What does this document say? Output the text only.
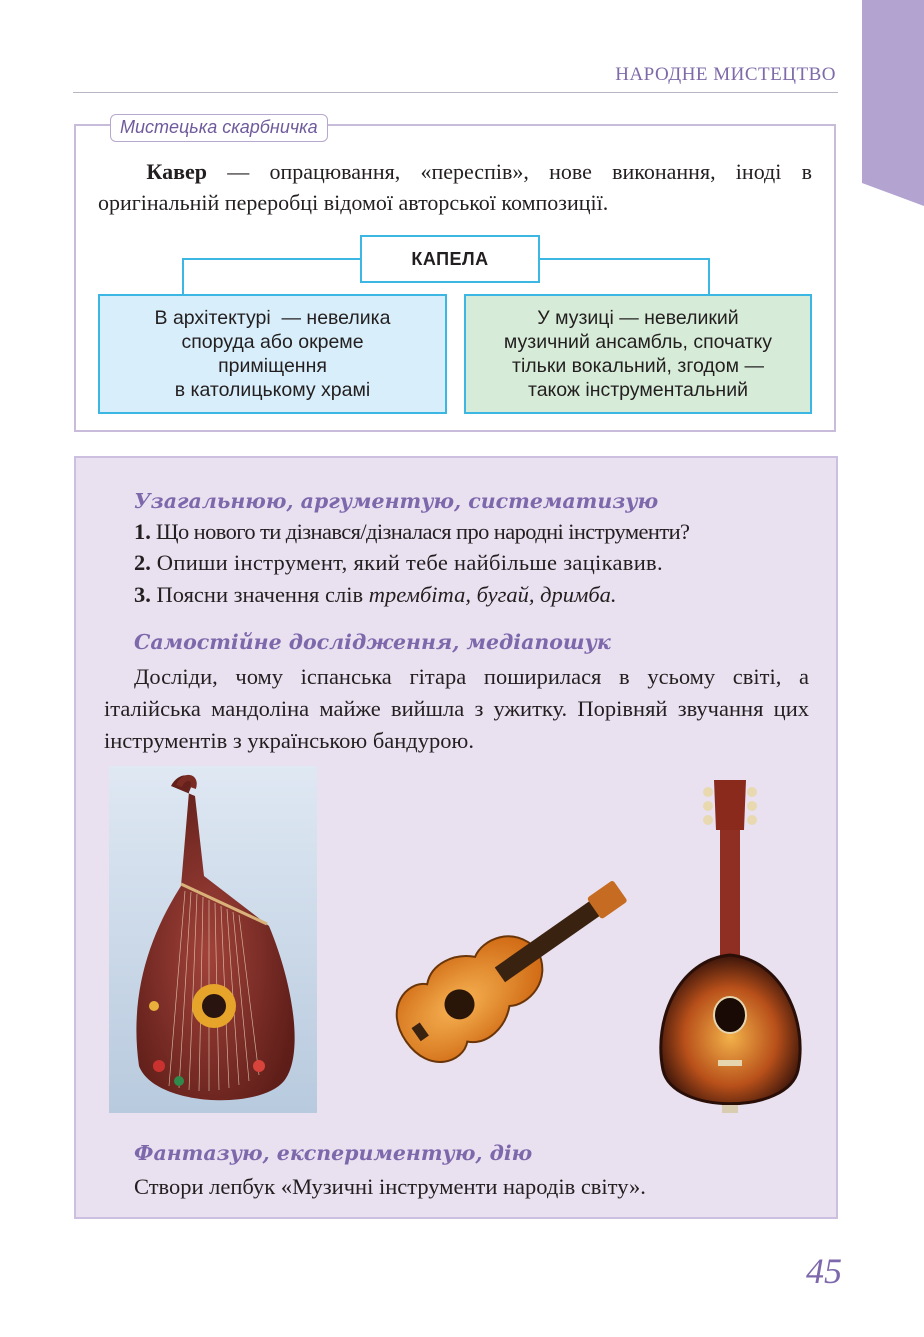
НАРОДНЕ МИСТЕЦТВО
Мистецька скарбничка
   Кавер — опрацювання, «переспів», нове виконання, іноді в оригінальній переробці відомої авторської композиції.
КАПЕЛА
В архітектурі  — невелика
споруда або окреме
приміщення
в католицькому храмі
У музиці — невеликий
музичний ансамбль, спочатку
тільки вокальний, згодом —
також інструментальний
Узагальнюю, аргументую, систематизую
1. Що нового ти дізнався/дізналася про народні інструменти?
2. Опиши інструмент, який тебе найбільше зацікавив.
3. Поясни значення слів трембіта, бугай, дримба.
Самостійне дослідження, медіапошук
Досліди, чому іспанська гітара поширилася в усьому світі, а італійська мандоліна майже вийшла з ужитку. Порівняй звучання цих інструментів з українською бандурою.
Фантазую, експериментую, дію
Створи лепбук «Музичні інструменти народів світу».
45
